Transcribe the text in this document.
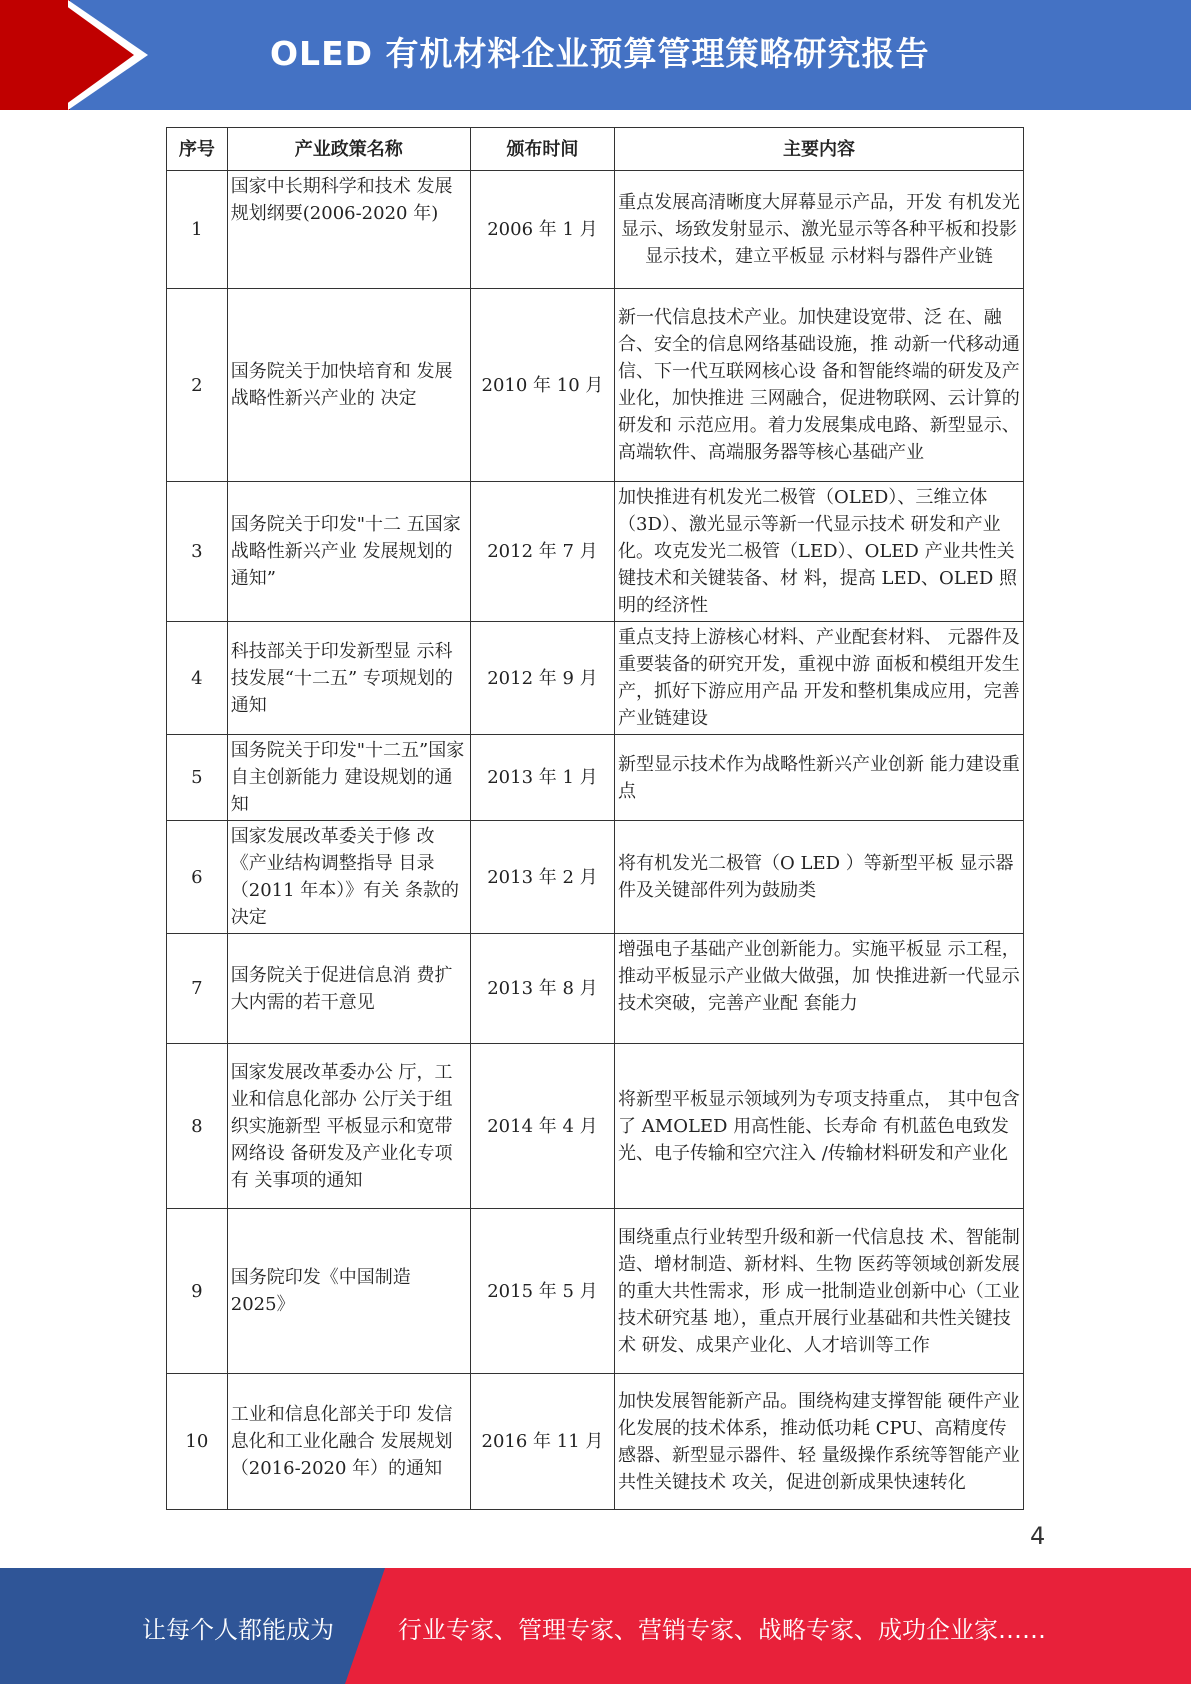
OLED 有机材料企业预算管理策略研究报告
序号	产业政策名称	颁布时间	主要内容
1	国家中长期科学和技术 发展规划纲要(2006-2020 年)	2006 年 1 月	重点发展高清晰度大屏幕显示产品，开发 有机发光显示、场致发射显示、激光显示等各种平板和投影显示技术，建立平板显 示材料与器件产业链
2	国务院关于加快培育和 发展战略性新兴产业的 决定	2010 年 10 月	新一代信息技术产业。加快建设宽带、泛 在、融合、安全的信息网络基础设施，推 动新一代移动通信、下一代互联网核心设 备和智能终端的研发及产业化，加快推进 三网融合，促进物联网、云计算的研发和 示范应用。着力发展集成电路、新型显示、 高端软件、高端服务器等核心基础产业
3	国务院关于印发"十二 五国家战略性新兴产业 发展规划的通知”	2012 年 7 月	加快推进有机发光二极管（OLED）、三维立体（3D）、激光显示等新一代显示技术 研发和产业化。攻克发光二极管（LED）、OLED 产业共性关键技术和关键装备、材 料，提高 LED、OLED 照明的经济性
4	科技部关于印发新型显 示科技发展“十二五” 专项规划的通知	2012 年 9 月	重点支持上游核心材料、产业配套材料、 元器件及重要装备的研究开发，重视中游 面板和模组开发生产，抓好下游应用产品 开发和整机集成应用，完善产业链建设
5	国务院关于印发"十二五”国家自主创新能力 建设规划的通知	2013 年 1 月	新型显示技术作为战略性新兴产业创新 能力建设重点
6	国家发展改革委关于修 改《产业结构调整指导 目录（2011 年本）》有关 条款的决定	2013 年 2 月	将有机发光二极管（O LED ）等新型平板 显示器件及关键部件列为鼓励类
7	国务院关于促进信息消 费扩大内需的若干意见	2013 年 8 月	增强电子基础产业创新能力。实施平板显 示工程，推动平板显示产业做大做强，加 快推进新一代显示技术突破，完善产业配 套能力
8	国家发展改革委办公 厅，工业和信息化部办 公厅关于组织实施新型 平板显示和宽带网络设 备研发及产业化专项有 关事项的通知	2014 年 4 月	将新型平板显示领域列为专项支持重点， 其中包含了 AMOLED 用高性能、长寿命 有机蓝色电致发光、电子传输和空穴注入 /传输材料研发和产业化
9	国务院印发《中国制造 2025》	2015 年 5 月	围绕重点行业转型升级和新一代信息技 术、智能制造、增材制造、新材料、生物 医药等领域创新发展的重大共性需求，形 成一批制造业创新中心（工业技术研究基 地），重点开展行业基础和共性关键技术 研发、成果产业化、人才培训等工作
10	工业和信息化部关于印 发信息化和工业化融合 发展规划（2016-2020 年）的通知	2016 年 11 月	加快发展智能新产品。围绕构建支撑智能 硬件产业化发展的技术体系，推动低功耗 CPU、高精度传感器、新型显示器件、轻 量级操作系统等智能产业共性关键技术 攻关，促进创新成果快速转化
4
让每个人都能成为	行业专家、管理专家、营销专家、战略专家、成功企业家……
